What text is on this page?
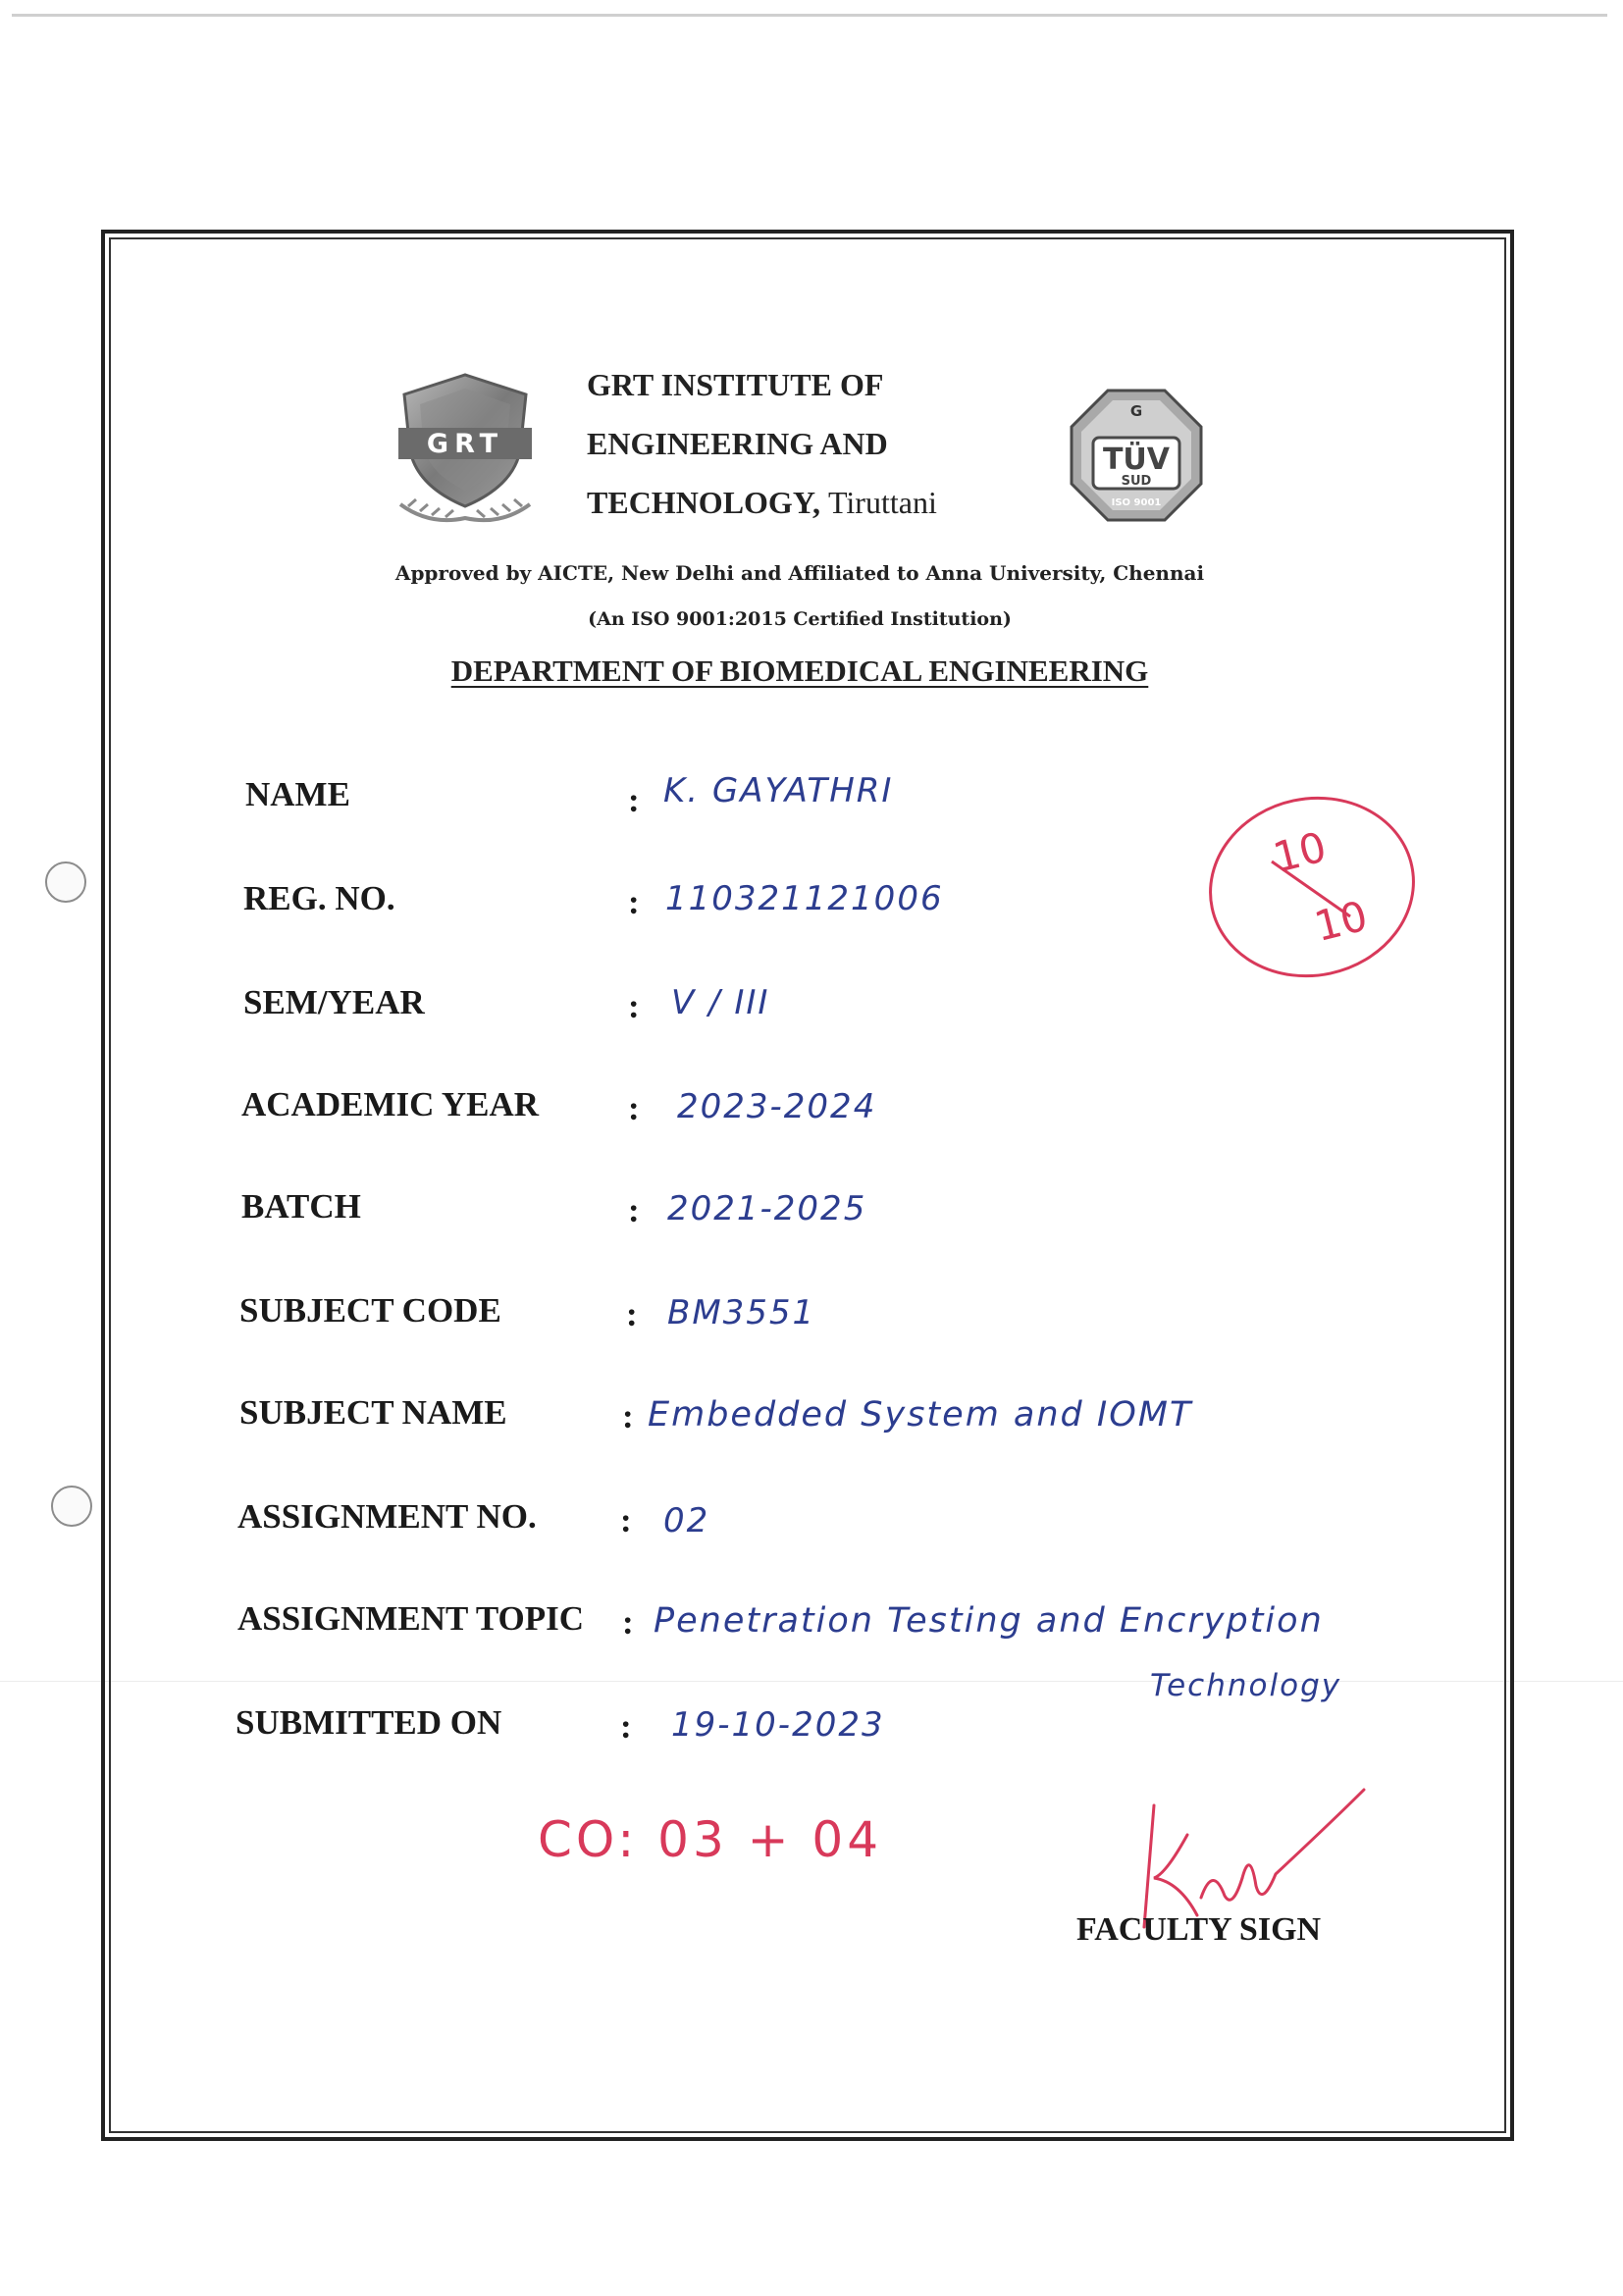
GRT
GRT INSTITUTE OF
ENGINEERING AND
TECHNOLOGY, Tiruttani
G
TÜV
SUD
ISO 9001
Approved by AICTE, New Delhi and Affiliated to Anna University, Chennai
(An ISO 9001:2015 Certified Institution)
DEPARTMENT OF BIOMEDICAL ENGINEERING
NAME	: K. GAYATHRI
REG. NO.	: 110321121006
SEM/YEAR	: V / III
ACADEMIC YEAR	: 2023-2024
BATCH	: 2021-2025
SUBJECT CODE	: BM3551
SUBJECT NAME	: Embedded System and IOMT
ASSIGNMENT NO. : 02
ASSIGNMENT TOPIC : Penetration Testing and Encryption
Technology
SUBMITTED ON	: 19-10-2023
10
10
CO: 03 + 04
FACULTY SIGN
